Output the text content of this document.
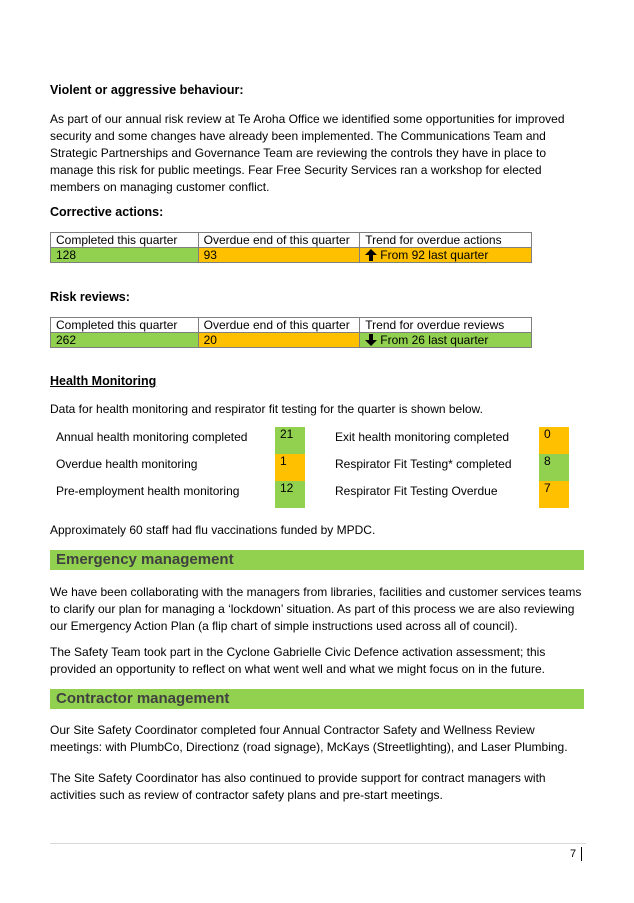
Violent or aggressive behaviour:
As part of our annual risk review at Te Aroha Office we identified some opportunities for improved
security and some changes have already been implemented. The Communications Team and
Strategic Partnerships and Governance Team are reviewing the controls they have in place to
manage this risk for public meetings. Fear Free Security Services ran a workshop for elected
members on managing customer conflict.
Corrective actions:
Completed this quarter	Overdue end of this quarter	Trend for overdue actions
128	93	From 92 last quarter
Risk reviews:
Completed this quarter	Overdue end of this quarter	Trend for overdue reviews
262	20	From 26 last quarter
Health Monitoring
Data for health monitoring and respirator fit testing for the quarter is shown below.
Annual health monitoring completed	21
Overdue health monitoring	1
Pre-employment health monitoring	12
Exit health monitoring completed	0
Respirator Fit Testing* completed	8
Respirator Fit Testing Overdue	7
Approximately 60 staff had flu vaccinations funded by MPDC.
Emergency management
We have been collaborating with the managers from libraries, facilities and customer services teams
to clarify our plan for managing a ‘lockdown’ situation. As part of this process we are also reviewing
our Emergency Action Plan (a flip chart of simple instructions used across all of council).
The Safety Team took part in the Cyclone Gabrielle Civic Defence activation assessment; this
provided an opportunity to reflect on what went well and what we might focus on in the future.
Contractor management
Our Site Safety Coordinator completed four Annual Contractor Safety and Wellness Review
meetings: with PlumbCo, Directionz (road signage), McKays (Streetlighting), and Laser Plumbing.
The Site Safety Coordinator has also continued to provide support for contract managers with
activities such as review of contractor safety plans and pre-start meetings.
7
